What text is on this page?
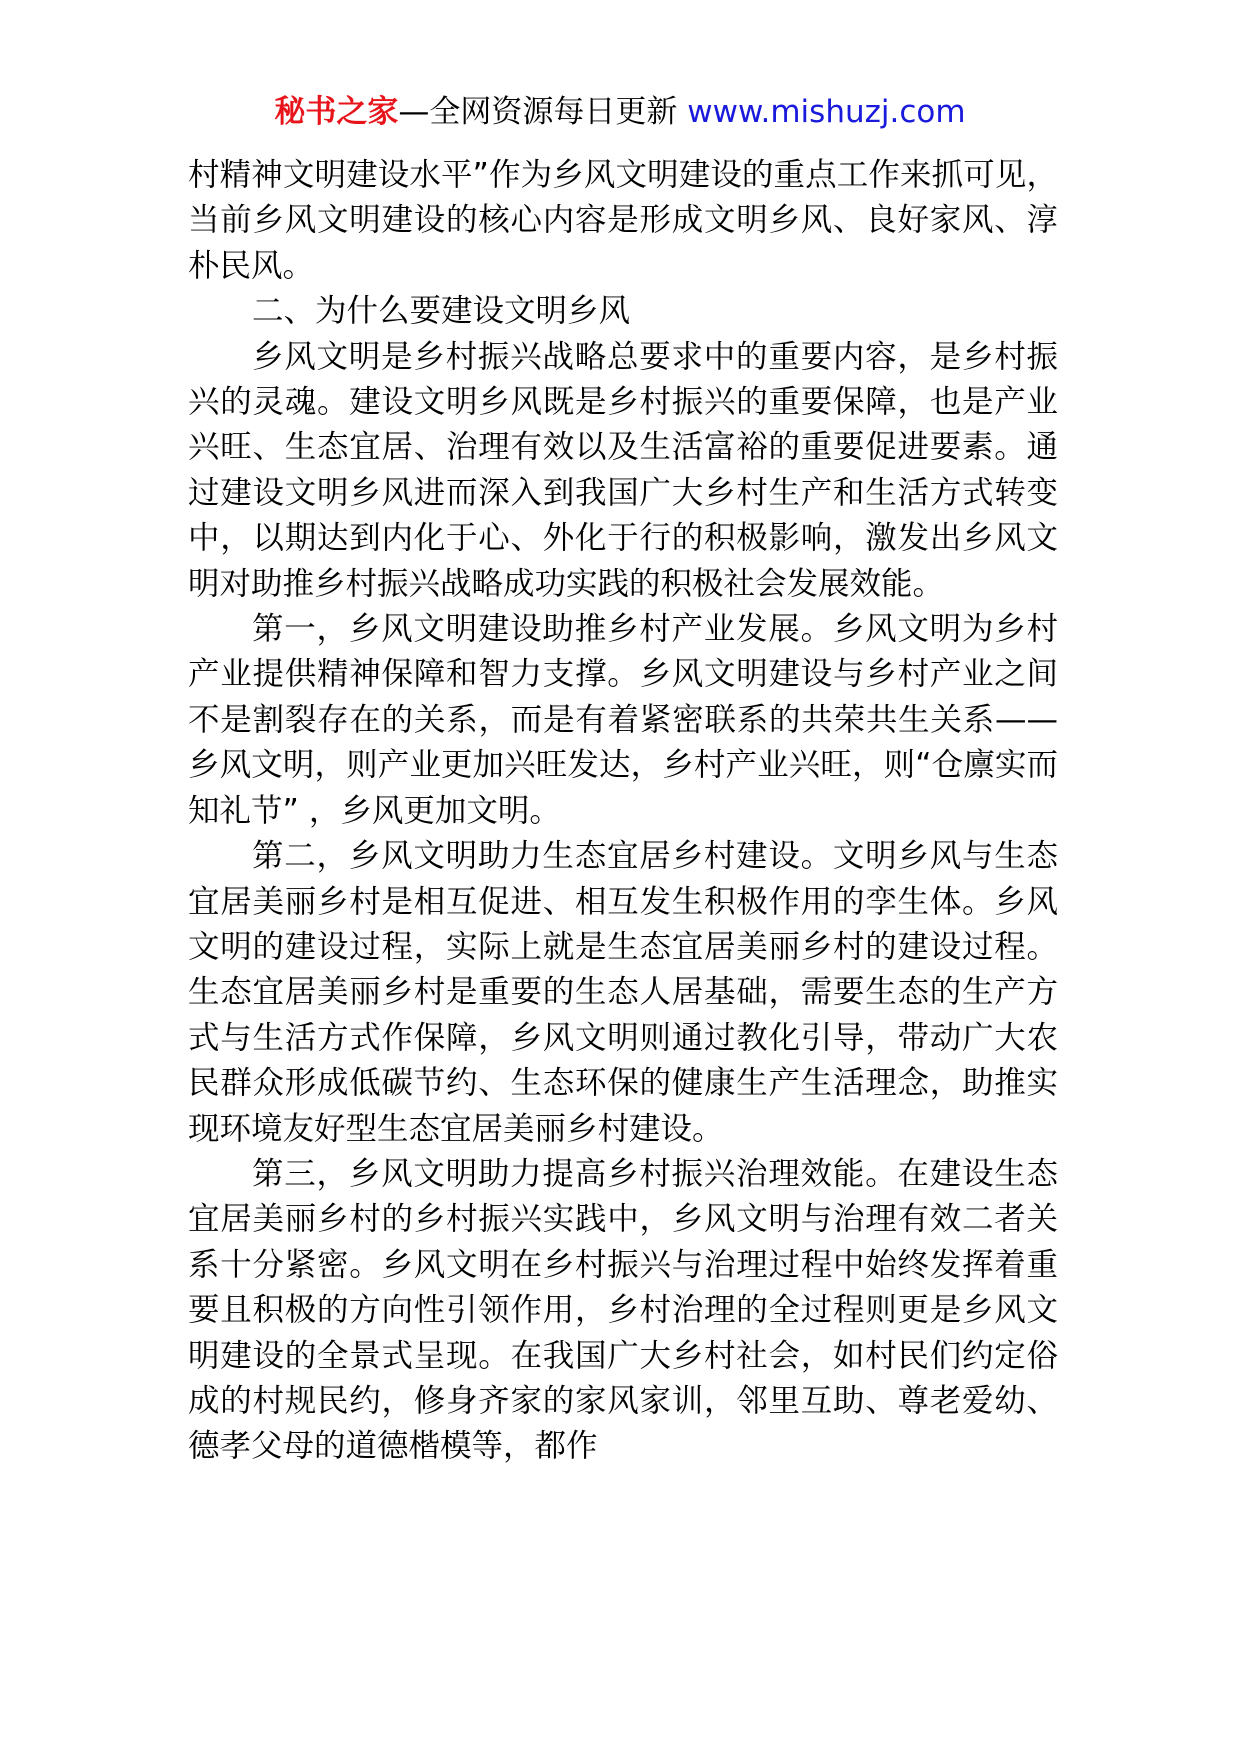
秘书之家—全网资源每日更新 www.mishuzj.com

村精神文明建设水平”作为乡风文明建设的重点工作来抓可见，当前乡风文明建设的核心内容是形成文明乡风、良好家风、淳朴民风。

二、为什么要建设文明乡风

乡风文明是乡村振兴战略总要求中的重要内容，是乡村振兴的灵魂。建设文明乡风既是乡村振兴的重要保障，也是产业兴旺、生态宜居、治理有效以及生活富裕的重要促进要素。通过建设文明乡风进而深入到我国广大乡村生产和生活方式转变中，以期达到内化于心、外化于行的积极影响，激发出乡风文明对助推乡村振兴战略成功实践的积极社会发展效能。

第一，乡风文明建设助推乡村产业发展。乡风文明为乡村产业提供精神保障和智力支撑。乡风文明建设与乡村产业之间不是割裂存在的关系，而是有着紧密联系的共荣共生关系——乡风文明，则产业更加兴旺发达，乡村产业兴旺，则“仓廪实而知礼节” ，乡风更加文明。

第二，乡风文明助力生态宜居乡村建设。文明乡风与生态宜居美丽乡村是相互促进、相互发生积极作用的孪生体。乡风文明的建设过程，实际上就是生态宜居美丽乡村的建设过程。生态宜居美丽乡村是重要的生态人居基础，需要生态的生产方式与生活方式作保障，乡风文明则通过教化引导，带动广大农民群众形成低碳节约、生态环保的健康生产生活理念，助推实现环境友好型生态宜居美丽乡村建设。

第三，乡风文明助力提高乡村振兴治理效能。在建设生态宜居美丽乡村的乡村振兴实践中，乡风文明与治理有效二者关系十分紧密。乡风文明在乡村振兴与治理过程中始终发挥着重要且积极的方向性引领作用，乡村治理的全过程则更是乡风文明建设的全景式呈现。在我国广大乡村社会，如村民们约定俗成的村规民约，修身齐家的家风家训，邻里互助、尊老爱幼、德孝父母的道德楷模等，都作
